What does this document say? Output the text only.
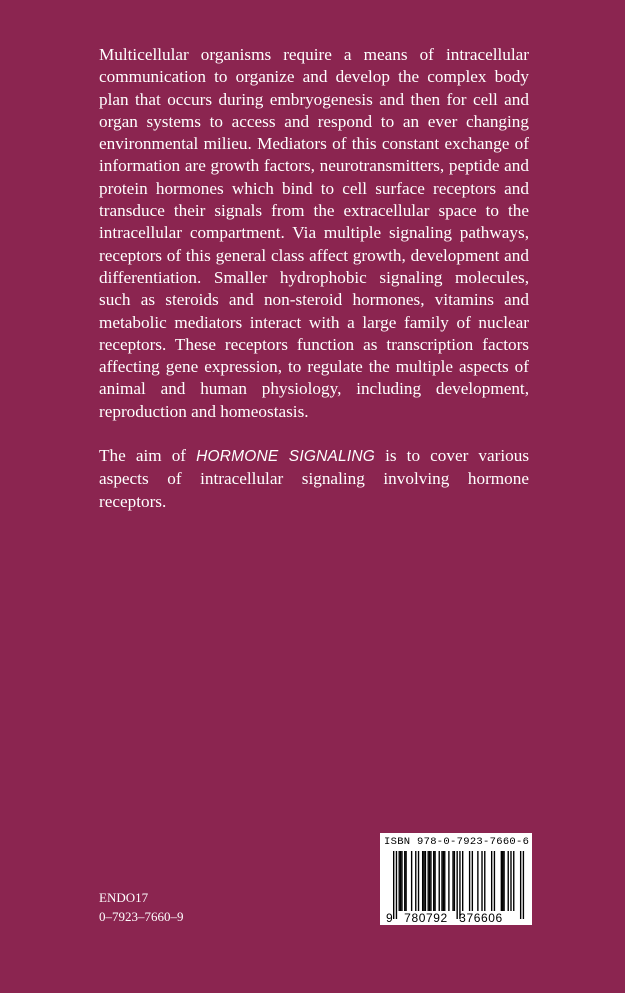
Multicellular organisms require a means of intracellular communication to organize and develop the complex body plan that occurs during embryogenesis and then for cell and organ systems to access and respond to an ever changing environmental milieu. Mediators of this constant exchange of information are growth factors, neurotransmitters, peptide and protein hormones which bind to cell surface receptors and transduce their signals from the extracellular space to the intracellular compartment. Via multiple signaling pathways, receptors of this general class affect growth, development and differentiation. Smaller hydrophobic signaling molecules, such as steroids and non-steroid hormones, vitamins and metabolic mediators interact with a large family of nuclear receptors. These receptors function as transcription factors affecting gene expression, to regulate the multiple aspects of animal and human physiology, including development, reproduction and homeostasis.

The aim of HORMONE SIGNALING is to cover various aspects of intracellular signaling involving hormone receptors.

ENDO17
0–7923–7660–9
ISBN 978-0-7923-7660-6
9 780792 376606
